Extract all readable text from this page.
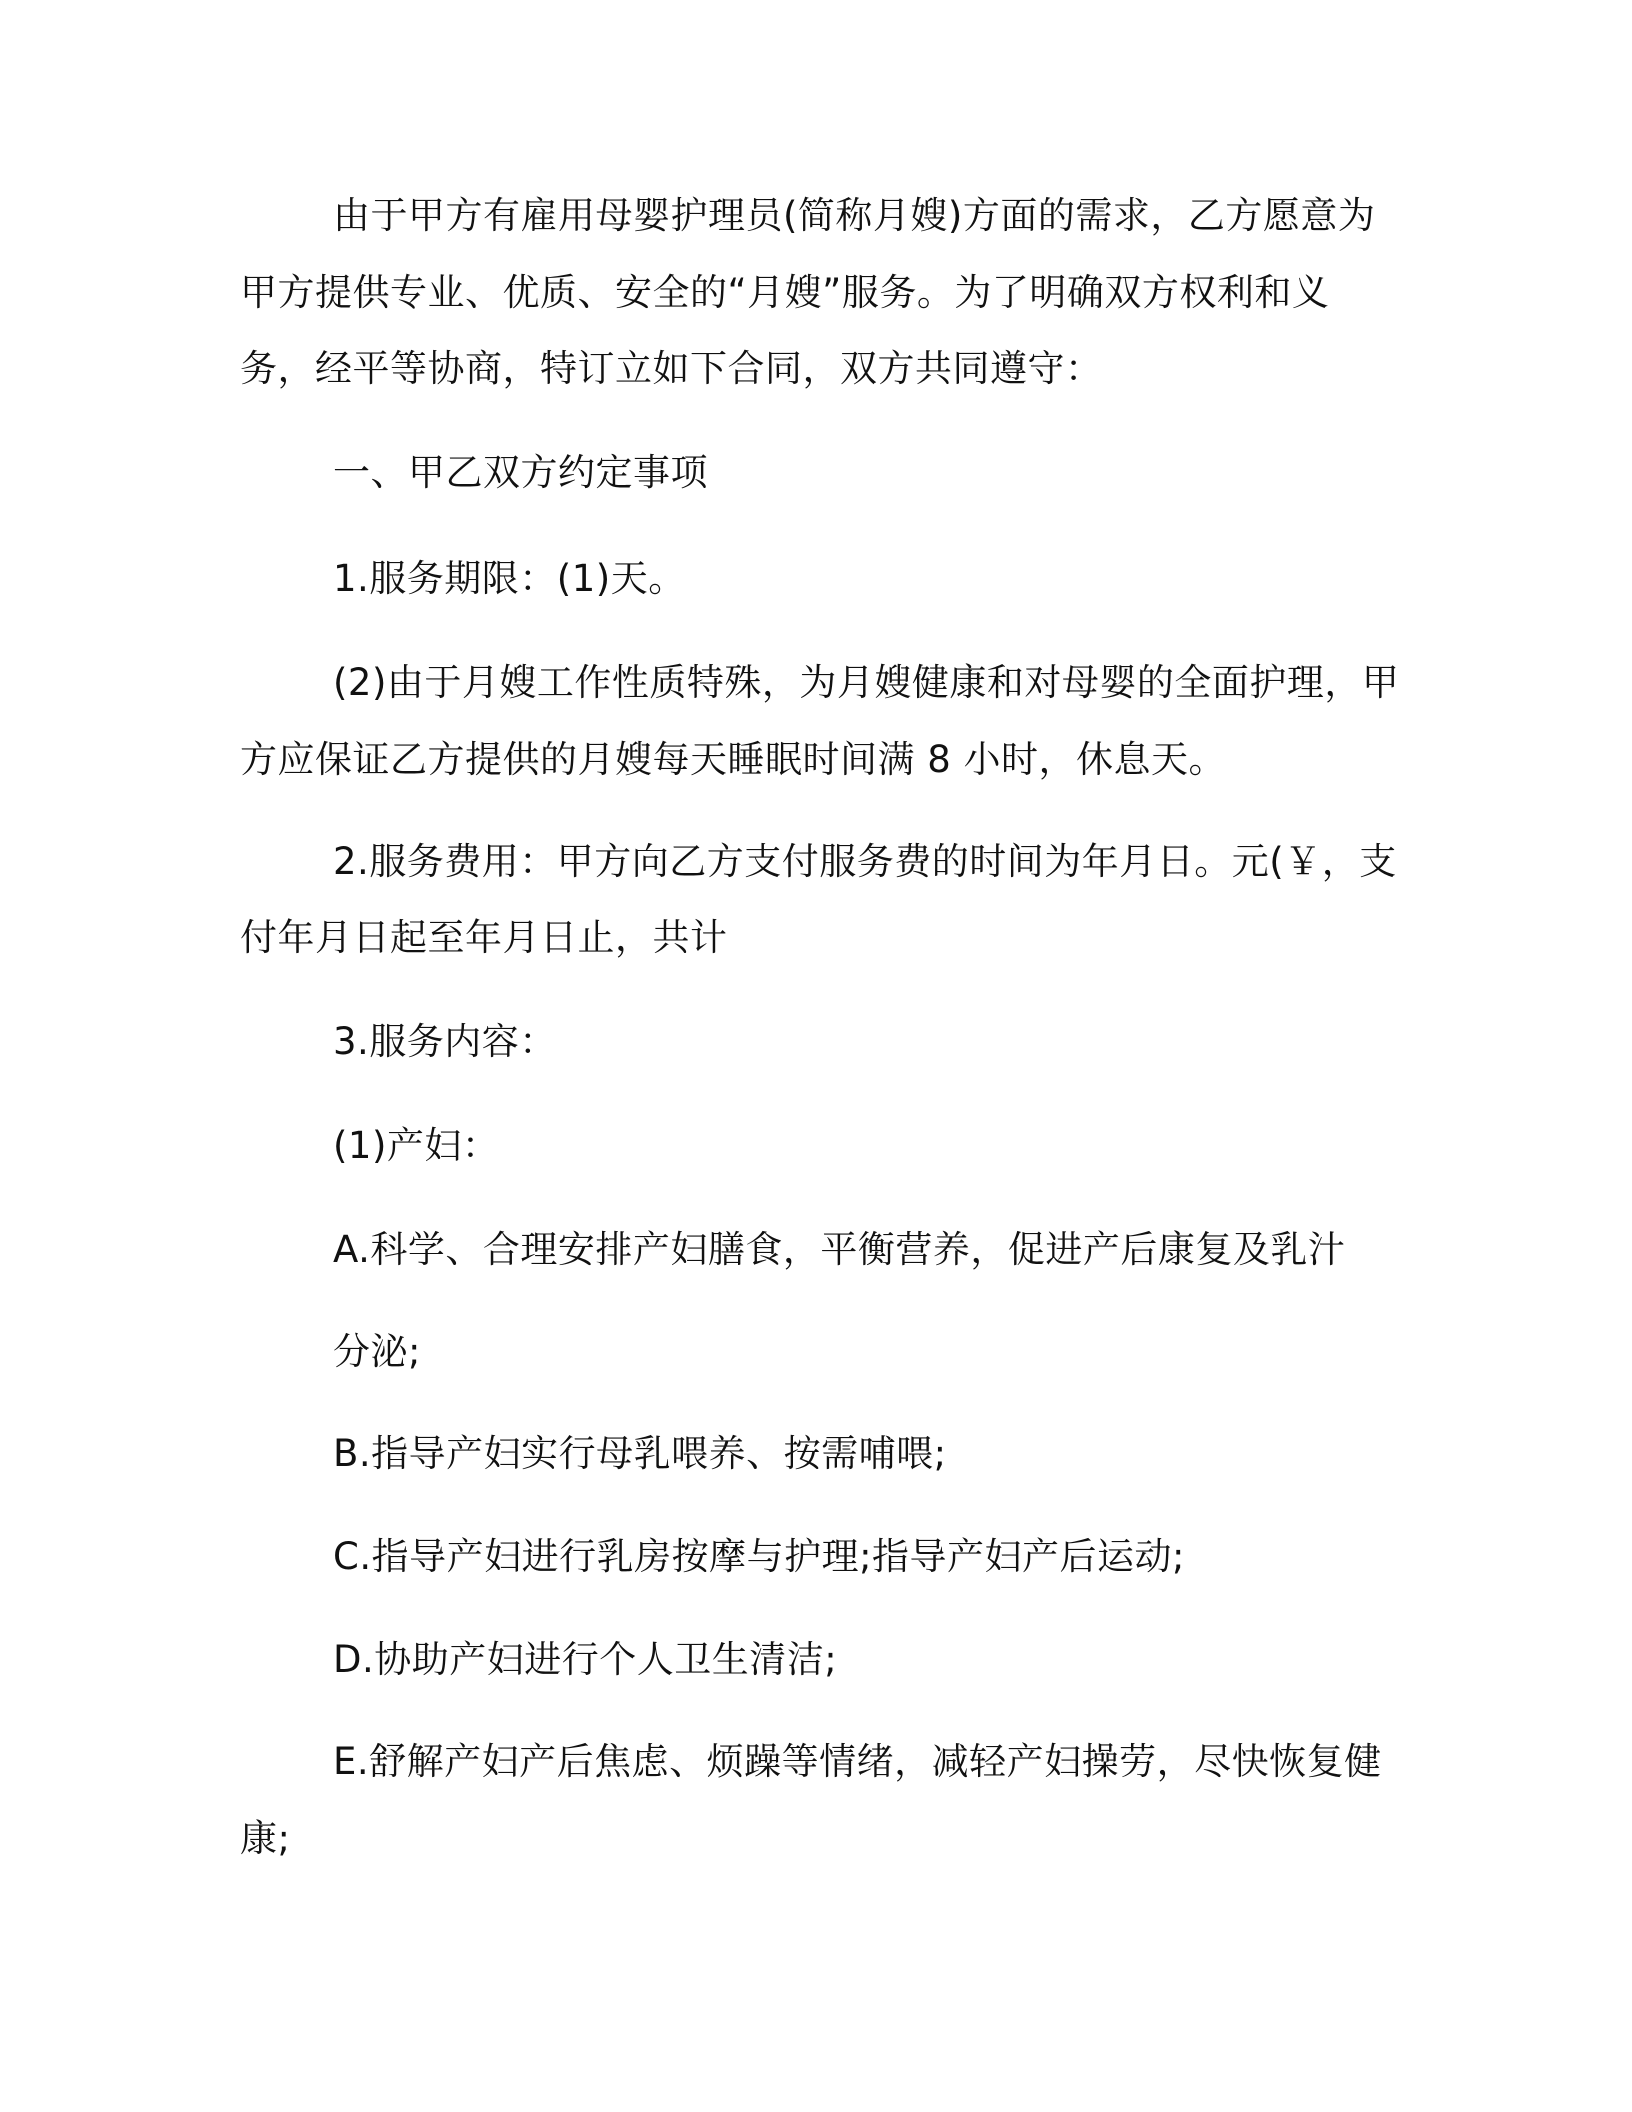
由于甲方有雇用母婴护理员(简称月嫂)方面的需求，乙方愿意为
甲方提供专业、优质、安全的“月嫂”服务。为了明确双方权利和义
务，经平等协商，特订立如下合同，双方共同遵守：
一、甲乙双方约定事项
1.服务期限：(1)天。
(2)由于月嫂工作性质特殊，为月嫂健康和对母婴的全面护理，甲
方应保证乙方提供的月嫂每天睡眠时间满 8 小时，休息天。
2.服务费用：甲方向乙方支付服务费的时间为年月日。元(￥，支
付年月日起至年月日止，共计
3.服务内容：
(1)产妇：
A.科学、合理安排产妇膳食，平衡营养，促进产后康复及乳汁
分泌;
B.指导产妇实行母乳喂养、按需哺喂;
C.指导产妇进行乳房按摩与护理;指导产妇产后运动;
D.协助产妇进行个人卫生清洁;
E.舒解产妇产后焦虑、烦躁等情绪，减轻产妇操劳，尽快恢复健
康;
